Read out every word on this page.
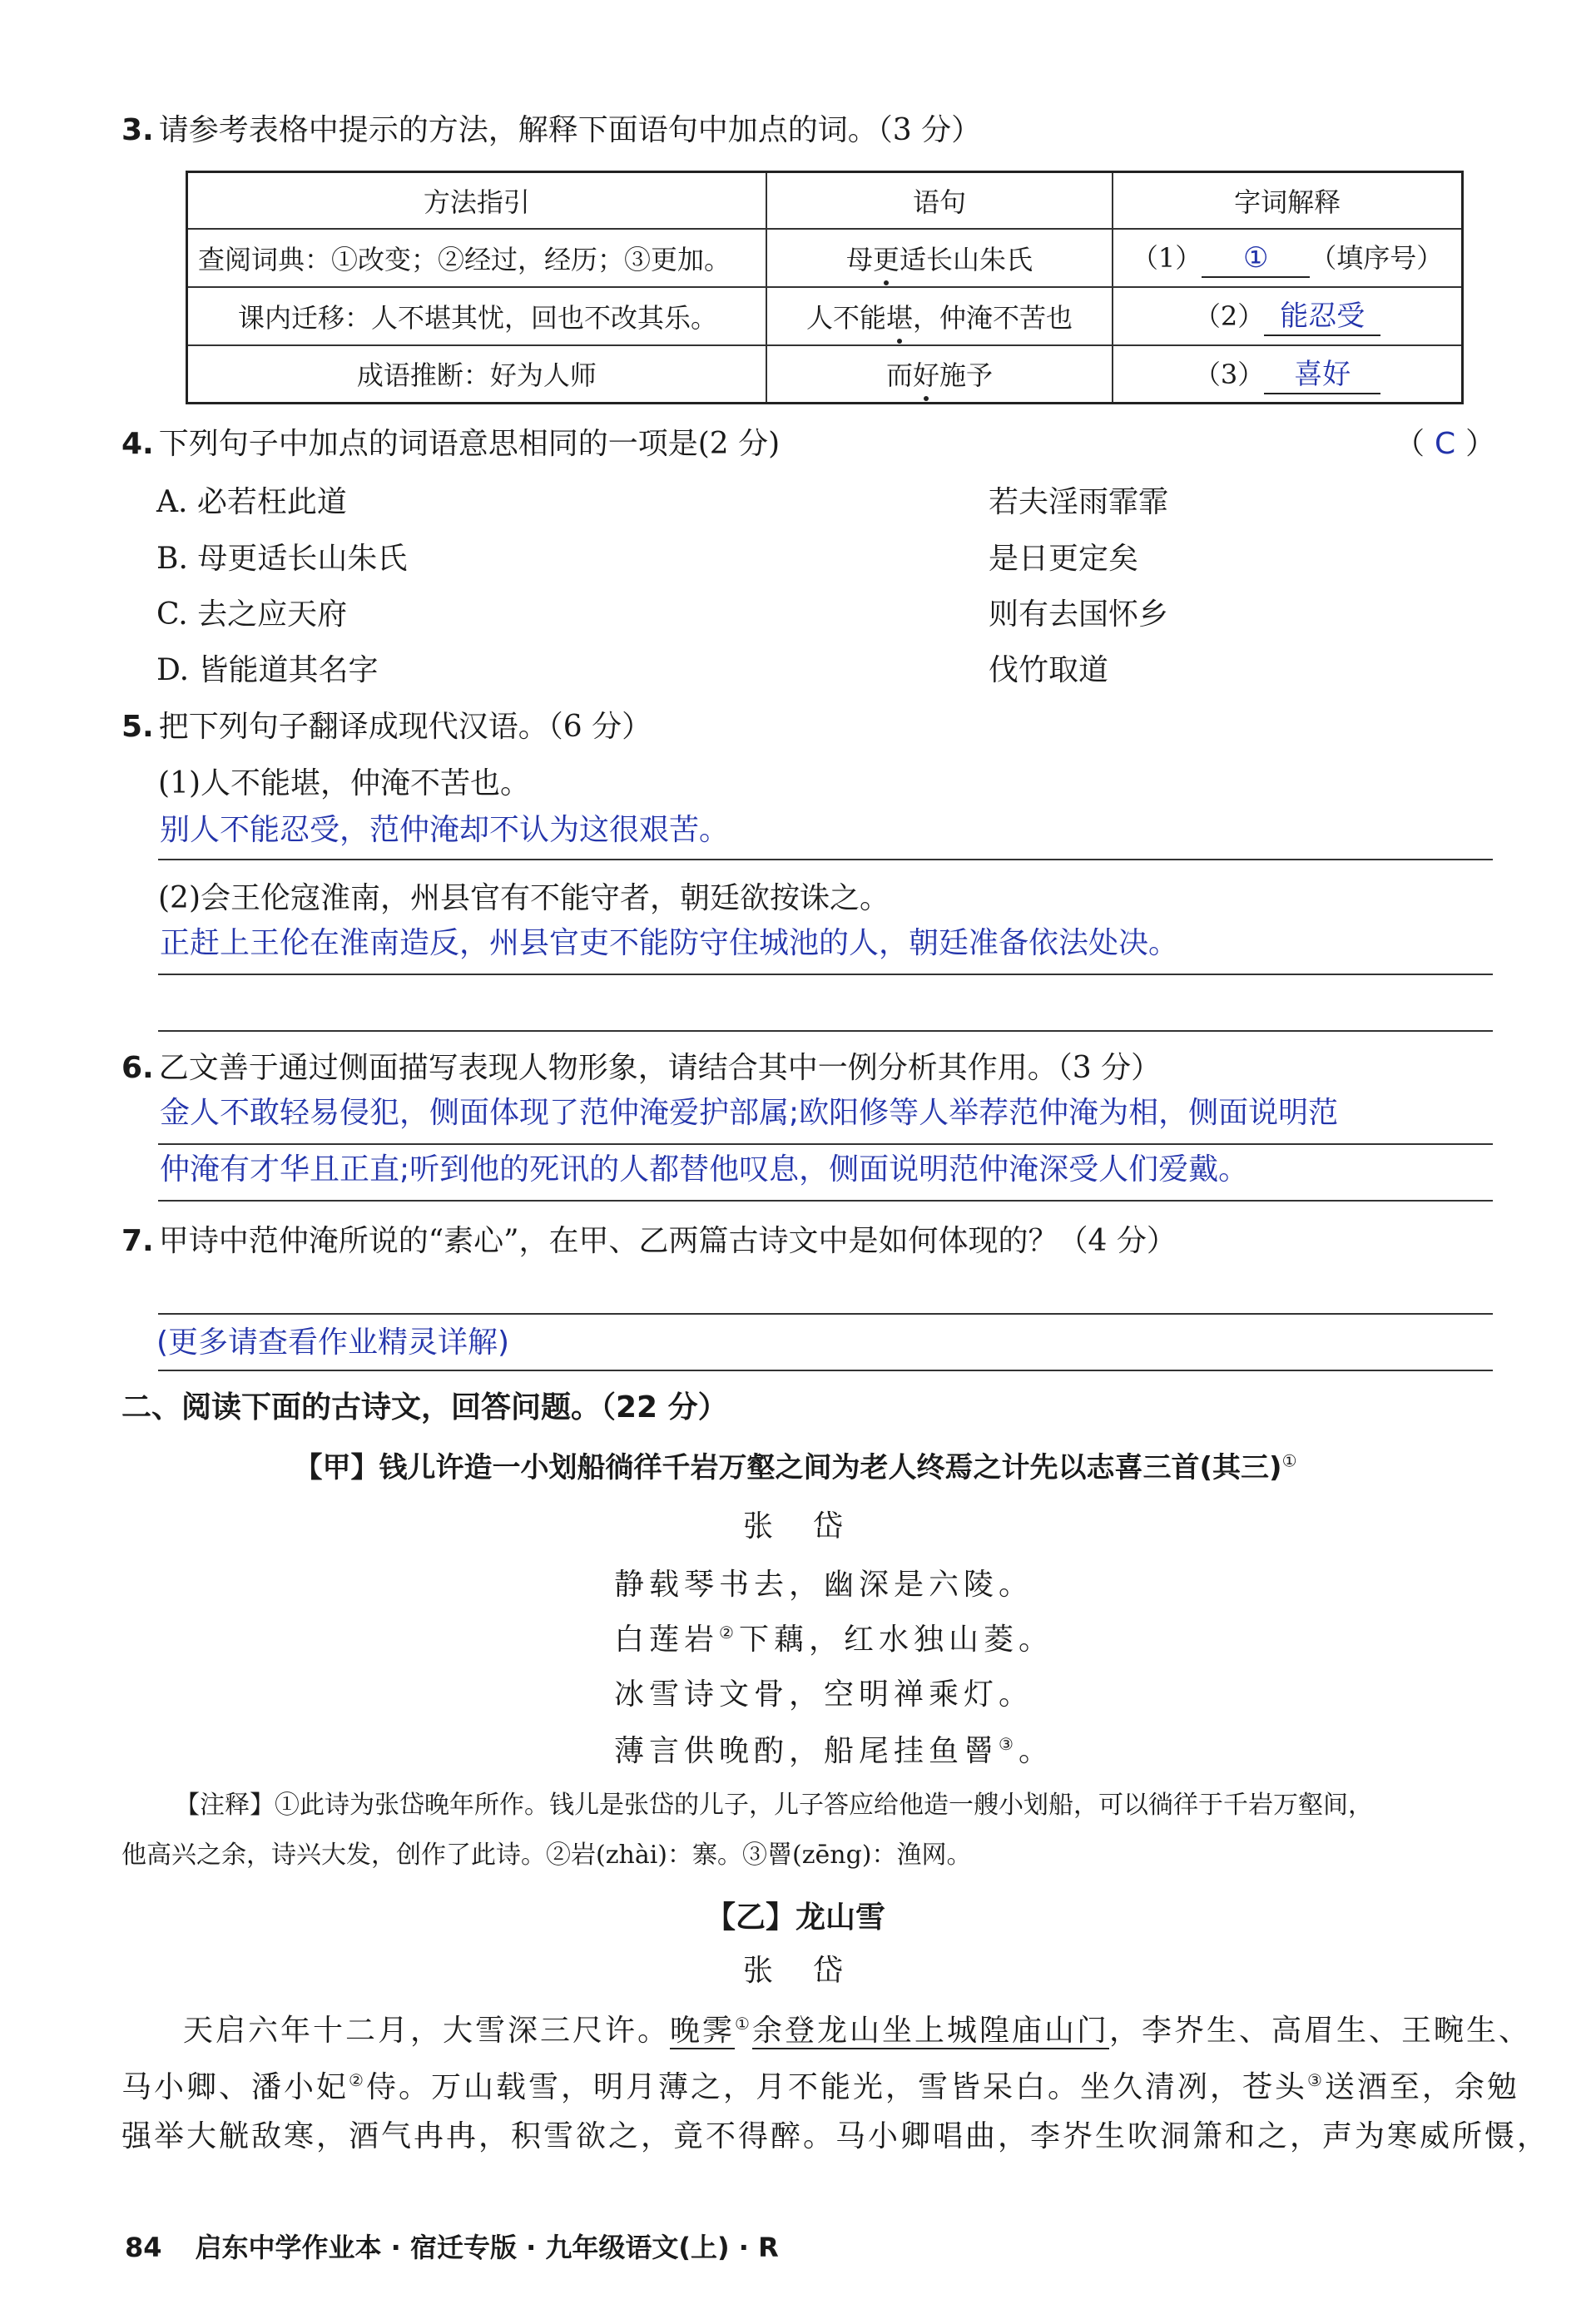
3. 请参考表格中提示的方法，解释下面语句中加点的词。（3 分）
方法指引	语句	字词解释
查阅词典：①改变；②经过，经历；③更加。	母更适长山朱氏	（1） ① （填序号）
课内迁移：人不堪其忧，回也不改其乐。	人不能堪，仲淹不苦也	（2） 能忍受
成语推断：好为人师	而好施予	（3） 喜好
4. 下列句子中加点的词语意思相同的一项是(2 分)	（ C ）
A. 必若枉此道	若夫淫雨霏霏
B. 母更适长山朱氏	是日更定矣
C. 去之应天府	则有去国怀乡
D. 皆能道其名字	伐竹取道
5. 把下列句子翻译成现代汉语。（6 分）
(1)人不能堪，仲淹不苦也。
别人不能忍受，范仲淹却不认为这很艰苦。
(2)会王伦寇淮南，州县官有不能守者，朝廷欲按诛之。
正赶上王伦在淮南造反，州县官吏不能防守住城池的人，朝廷准备依法处决。
6. 乙文善于通过侧面描写表现人物形象，请结合其中一例分析其作用。（3 分）
金人不敢轻易侵犯，侧面体现了范仲淹爱护部属;欧阳修等人举荐范仲淹为相，侧面说明范
仲淹有才华且正直;听到他的死讯的人都替他叹息，侧面说明范仲淹深受人们爱戴。
7. 甲诗中范仲淹所说的“素心”，在甲、乙两篇古诗文中是如何体现的？（4 分）
(更多请查看作业精灵详解)
二、阅读下面的古诗文，回答问题。（22 分）
【甲】钱儿许造一小划船徜徉千岩万壑之间为老人终焉之计先以志喜三首(其三)①
张　岱
静载琴书去，幽深是六陵。
白莲岩②下藕，红水独山菱。
冰雪诗文骨，空明禅乘灯。
薄言供晚酌，船尾挂鱼罾③。
【注释】①此诗为张岱晚年所作。钱儿是张岱的儿子，儿子答应给他造一艘小划船，可以徜徉于千岩万壑间，
他高兴之余，诗兴大发，创作了此诗。②岩(zhài)：寨。③罾(zēng)：渔网。
【乙】龙山雪
张　岱
天启六年十二月，大雪深三尺许。晚霁①余登龙山坐上城隍庙山门，李岕生、高眉生、王畹生、
马小卿、潘小妃②侍。万山载雪，明月薄之，月不能光，雪皆呆白。坐久清冽，苍头③送酒至，余勉
强举大觥敌寒，酒气冉冉，积雪欲之，竟不得醉。马小卿唱曲，李岕生吹洞箫和之，声为寒威所慑，
84 启东中学作业本 · 宿迁专版 · 九年级语文(上) · R
